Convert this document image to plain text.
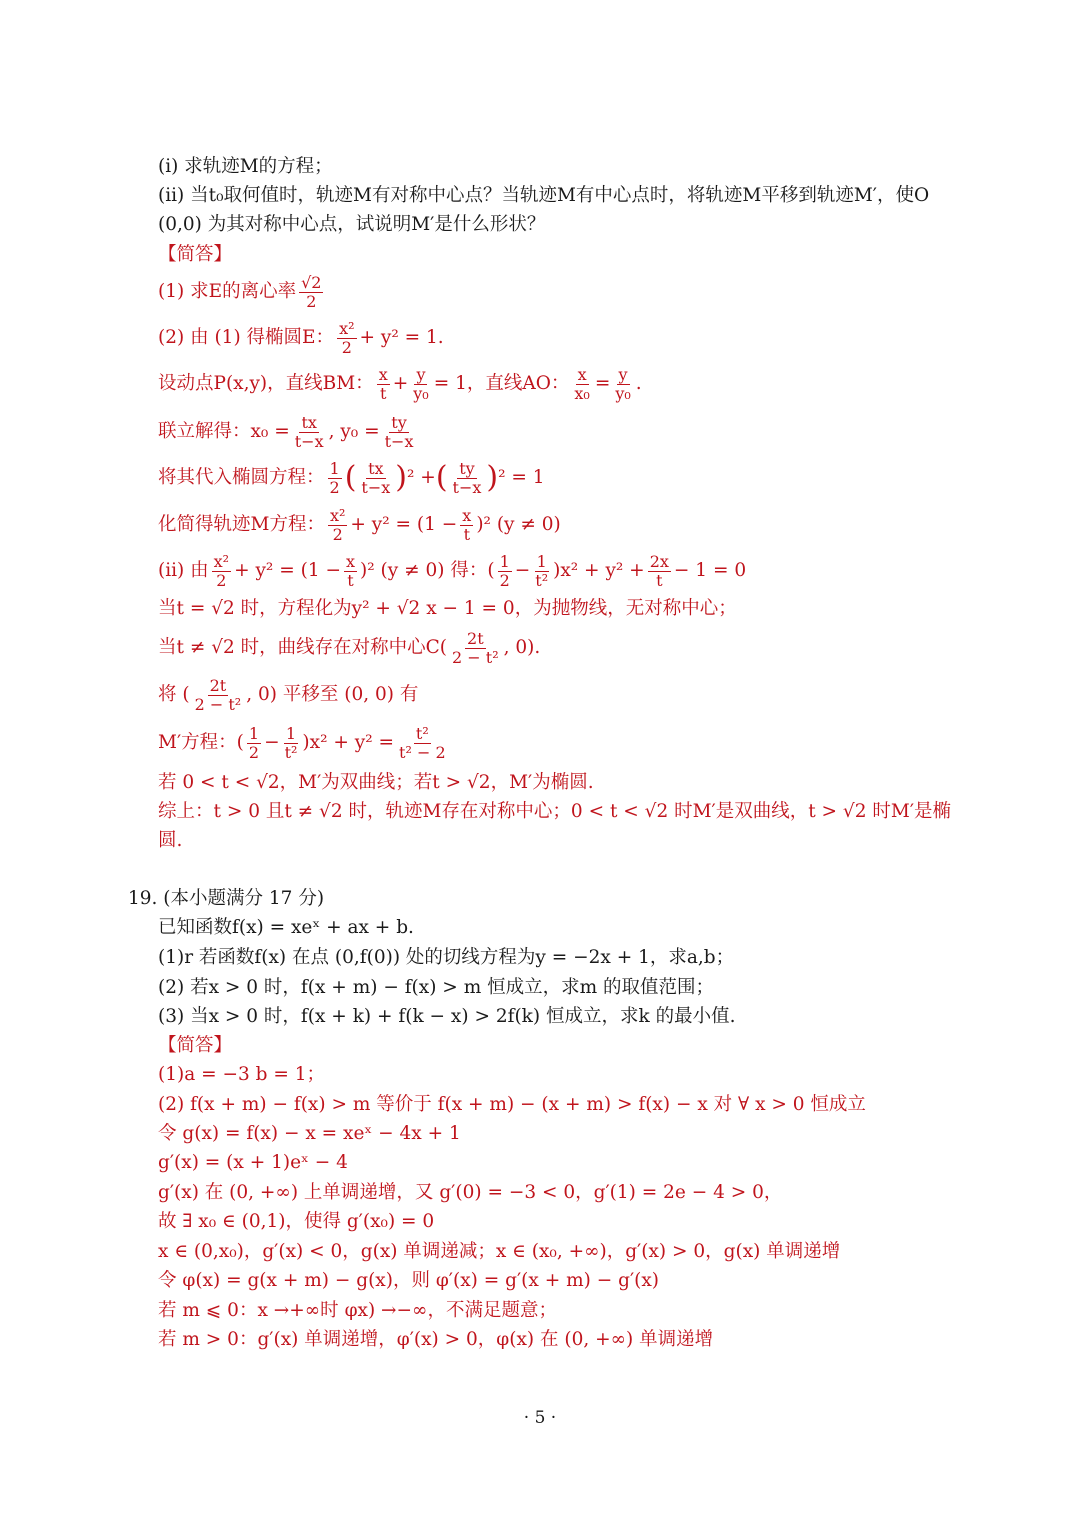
(i) 求轨迹M的方程；
(ii) 当t₀取何值时，轨迹M有对称中心点？当轨迹M有中心点时，将轨迹M平移到轨迹M′，使O
(0,0) 为其对称中心点，试说明M′是什么形状？
【简答】
(1) 求E的离心率 $\frac{√2}{2}$
(2) 由 (1) 得椭圆E： $\frac{\text{x²}}{2} + y^2 = 1$.
设动点P(x,y)，直线BM： $\frac{x}{t} + \frac{y}{\text{y₀}} = 1$，直线AO： $\frac{x}{\text{x₀}} = \frac{y}{\text{y₀}}$ .
联立解得：$x_0 = \frac{tx}{t-x}$ , $y_0 = \frac{ty}{t-x}$
将其代入椭圆方程： $\frac{1}{2}$ ( $\frac{tx}{t-x}$ ) ² + ( $\frac{ty}{t-x}$ ) ² = 1
化简得轨迹M方程： $\frac{\text{x²}}{2} + y^2 = (1 - \frac{x}{t} )^2$ (y ≠ 0)
(ii) 由 $\frac{\text{x²}}{2} + y^2 = (1 - \frac{x}{t} )^2$ (y ≠ 0) 得：( $\frac{1}{2} - \frac{1}{\text{t²}} )x^2 + y^2 + \frac{2x}{t} - 1 = 0$
当t = √2 时，方程化为y² + √2 x − 1 = 0，为抛物线，无对称中心；
当t ≠ √2 时，曲线存在对称中心$C( \frac{2t}{\text{2 − t²}}$ , 0).
将 ( $\frac{2t}{\text{2 − t²}}$ , 0) 平移至 (0, 0) 有
M′方程：( $\frac{1}{2} - \frac{1}{\text{t²}} )x^2 + y^2 = \frac{\text{t²}}{\text{t² − 2}}$
若 0 < t < √2，M′为双曲线；若t > √2，M′为椭圆.
综上：t > 0 且t ≠ √2 时，轨迹M存在对称中心；0 < t < √2 时M′是双曲线，t > √2 时M′是椭
圆.
19. (本小题满分 17 分)
已知函数f(x) = xeˣ + ax + b.
(1)r 若函数f(x) 在点 (0,f(0)) 处的切线方程为y = −2x + 1，求a,b；
(2) 若x > 0 时，f(x + m) − f(x) > m 恒成立，求m 的取值范围；
(3) 当x > 0 时，f(x + k) + f(k − x) > 2f(k) 恒成立，求k 的最小值.
【简答】
(1)a = −3 b = 1；
(2) f(x + m) − f(x) > m 等价于 f(x + m) − (x + m) > f(x) − x 对 ∀ x > 0 恒成立
令 g(x) = f(x) − x = xeˣ − 4x + 1
g′(x) = (x + 1)eˣ − 4
g′(x) 在 (0, +∞) 上单调递增，又 g′(0) = −3 < 0，g′(1) = 2e − 4 > 0，
故 ∃ x₀ ∈ (0,1)，使得 g′(x₀) = 0
x ∈ (0,x₀)，g′(x) < 0，g(x) 单调递减；x ∈ (x₀, +∞)，g′(x) > 0，g(x) 单调递增
令 φ(x) = g(x + m) − g(x)，则 φ′(x) = g′(x + m) − g′(x)
若 m ⩽ 0：x →+∞时 φx) →−∞，不满足题意；
若 m > 0：g′(x) 单调递增，φ′(x) > 0，φ(x) 在 (0, +∞) 单调递增
· 5 ·
